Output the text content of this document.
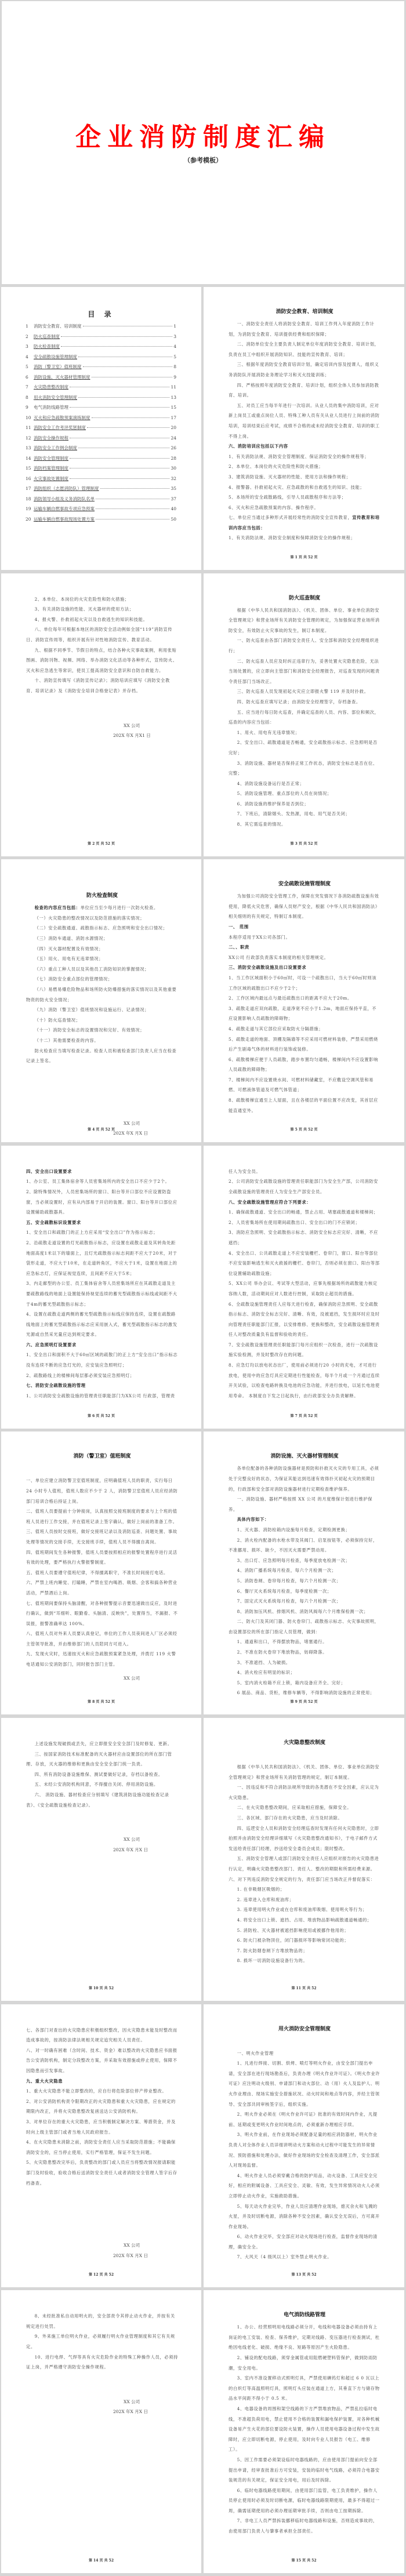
企业消防制度汇编
（参考模板）
目 录
1	消防安全教育、培训制度	1
2	防火巡查制度	3
3	防火检查制度	4
4	安全疏散设施管理制度	5
5	消防（警卫室）值班制度	8
6	消防设施、灭火器材管理制度	9
7	火灾隐患整改制度	11
8	用火消防安全管理制度	13
9	电气消防线路管理	15
10 灭火和应急疏散预案演练制度	17
11 消防安全工作考评奖惩制度	20
12 消防安全操作规程	24
13 消防安全工作例会制度	26
14 消防安全管理制度	28
15 消防档案管理制度	30
16 火灾事故处置制度	32
17 消防组织（志愿消防队）管理制度	35
18 消防领导小组及义务消防队名单	37
19 运输车辆自燃事故专项应急预案	40
20 运输车辆自燃事故现场处置方案	50
消防安全教育、培训制度

一、消防安全责任人将消防安全教育、培训工作列入年度消防工作计划，为消防安全教育、培训提供经费和组织保障；

二、消防单位安全主要负责人制定单位年度消防安全教育、培训计划，负责在员工中组织开展消防知识、技能的宣传教育、培训；

三、根据年度消防安全教育培训计划，确定培训内容及授课人，组织义务消防队开展消防业务理论学习和灭火技能训练；

四、严格按照年度消防安全教育、培训计划，组织全体人员参加消防教育、培训。

五、对员工应当每半年进行一次培训。从业人员的集中消防培训，应对新上岗员工或重点岗位人员、特殊工种人员有关从业人员进行上岗前的消防培训，培训结束后应考试，成绩不合格的或未经消防安全教育、培训的职工不得上岗。

六、消防培训应包括以下内容

1、有关消防法规、消防安全管理制度、保证消防安全的操作规程等；

2、本单位、本岗位的火灾危险性和防火措施；

3、建筑消防设施、灭火器材的性能、使用方法和操作规程；

4、报警器、扑救初起火灾、应急疏散的和自救逃生的知识、技能；

5、本场所的安全疏散路线，引导人员疏散程序和方法等；

6、灭火和应急疏散预案的内容、操作程序。

七、单位应当通过多种形式开展经常性的消防安全宣传教育，宣传教育和培训内容应当包括：

1、有关消防法规、消防安全制度和保障消防安全的操作规程；

第 1 页 共 52 页

2、本单位、本岗位的火灾危险性和防火措施；

3、有关消防设施的性能、灭火器材的使用方法；

4、报火警、扑救初起火灾以及自救逃生的知识和技能。

八、单位每年可根据本地区的消防安全活动例如全国“119”消防宣传日、消防宣传周等，组织开展有针对性地消防宣传、教育活动。

九、根据不同季节、节假日的特点，结合各种火灾事故案例，利用张贴图画、消防刊物、视频、网络、举办消防文化活动等各种形式，宣传防火、灭火和应急逃生等常识，使员工提高消防安全意识和自防自救能力。

十、消防宣传填写《消防宣传记录》；消防培训应填写《消防安全教育、培训记录》及《消防安全培训合格登记表》并存档。

XX 公司
202X 年X 月X1 日
第 2 页 共 52 页
防火巡查制度

根据《中华人民共和国消防法》、《机关、团体、单位、事业单位消防安全管理规定》和营业场所有关消防安全管理的规定，为加强保证营业场所消防安全，有效防止火灾事故的发生，制订本制度。

一、防火巡查由各部门消防安全责任人、安全部和消防安全经理组织进行；

二、防火巡查人员应及时纠正违章行为，妥善处置火灾隐患危险，无法当场处置的，应立即向主管部门和消防安全经理报告，对巡查发现的问题责令责任部门当场改正。

三、防火巡查人员发现初起火灾应立即报火警 119 并及时扑救。

四、防火巡查应填写记录；由消防安全经理签字，存档备查。

五、应当进行每日防火巡查，并确定巡查的人员、内容、部位和频次，巡查的内容应当包括：

1、用火、用电有无违章情况；

2、安全出口、疏散通道是否畅通，安全疏散指示标志、应急照明是否完好；

3、消防设施、器材是否保持正常工作状态，消防安全标志是否在位、完整；

4、消防设施设备运行是否正常；

5、消防设施管理、重点部位的人员在岗情况；

6、消防设施的维护保养是否到位；

7、下班后，清除烟头、发热源，用电、用气是否关闭；

8、其它需巡查的情况。

第 3 页 共 52 页
防火检查制度

检查的内容应当包括：单位应当至少每月进行一次防火检查。

（一）火灾隐患的整改情况以及防范措施的落实情况；

（二）安全疏散通道、疏散指示标志、应急照明和安全出口情况；

（三）消防车通道、消防水源情况；

（四）灭火器材配置及有效情况；

（五）用火、用电有无违章情况；

（六）重点工种人员以及其他员工消防知识的掌握情况；

（七）消防安全重点部位的管理情况；

（八）易燃易爆危险物品和场所防火防爆措施的落实情况以及其他重要物资的防火安全情况；

（九）消防（警卫室）值班情况和设施运行、记录情况；

（十）防火巡查情况；

（十一）消防安全标志的设置情况和完好、有效情况；

（十二）其他需要检查的内容。

防火检查应当填写检查记录。检查人员和被检查部门负责人应当在检查记录上签名。

XX 公司
202X 年X 月X 日
第 4 页 共 52 页
安全疏散设施管理制度

为加强公司消防安全管理工作，保障在突发情况下各消防疏散设施有效使用，降低火灾危害，确保人员财产安全，根据《中华人民共和国消防法》相关细则的有关规定，特制订本制度。

一、 范围

本程序适用于XX公司各部门。

二、、职责

XX公司 行政部负责落实本制度的相关管理规定。

三、消防安全疏散设施及出口设置要求

1、当工作区域面积小于60㎡时，可设一个疏散出口，当大于60㎡时则该工作区域的疏散出口不应少于2个；

2、工作区域内最远点与最近疏散出口的距离不应大于20m。

3、疏散走道应双向疏散，走道净宽不应小于1.2m，地面应保持平直，不应设置影响人员疏散的障碍物；

4、疏散走道与其它部位应采取防火分隔措施；

5、疏散走道的地面、顶棚及隔墙等不应采用可燃材料装修，严禁采用燃烧后产生剧毒气体的材料进行装饰或装修。

6、疏散楼梯应便于人员疏散，踏步布置均匀通畅，楼梯间内不应设置影响人员疏散的障碍物；

7、楼梯间内不应设置烧水间、可燃材料储藏室，不应敷设空调风管和易燃、可燃液体管道及可燃气体管道；

8、疏散楼梯宜通至上人屋面，且在各楼层的平面位置不应改变，其首层应能直通室外。

第 5 页 共 52 页

四、安全出口设置要求

1、办公室、员工集体宿舍等人员密集场所内的安全出口不应少于2个。

2、除特殊情况外，人员密集场所的窗口、阳台等开口部位不应设置防盗窗，当必须设置时，应有从内部易于开启的装置。窗口、阳台等开口部位应设置辅助疏散器具。

五、安全疏散标识设置要求

1、安全出口和疏散门的正上方应采用“安全出口”作为指示标志；

2、沿疏散走道设置的灯光疏散指示标志，应设置在疏散走道及其转角处距地面高度1米以下的墙面上，且灯光疏散指示标志间距不应大于20米，对于袋形走道，不应大于10米，在走道转角区，不应大于1米，设置在地面上的应急标志灯，应保证视觉连续，且间距不应大于5米；

3、内走廊型的办公室、员工集体宿舍等人员密集场所应在其疏散走道及主要疏散路线的地面上设置能保持视觉连续的蓄光型疏散指示标线或间距不大于4m的蓄光型疏散指示标志；

4、设置在疏散走道两侧的蓄光型疏散指示标线应保持连续，设置在疏散路线地面上的蓄光型疏散指示标志应采用嵌入式，蓄光型疏散指示标志的激发光源或自然采光量应达到规定要求。

六、应急照明灯设置要求

1、安全出口和面积不大于60㎡区域的疏散门的正上方“安全出口”指示标志没有连续不断的应急灯光的，应安装应急照明灯；

2、疏散路线上的楼梯间每层都必须安装应急照明灯；

七、消防安全疏散设施的管理

1、公司消防安全疏散设施的管理责任职能部门为XX公司 行政部，管理责

第 6 页 共 52 页

任人为安全员。

2、公司消防安全疏散设施的管理责任职能部门为安全生产部，公司消防安全疏散设施的管理责任人为安全生产部安全员。

八、安全疏散设施管理应符合下列要求：

1、确保疏散通道、安全出口的畅通，禁止占用、堵塞疏散通道和楼梯间；

2、人员密集场所在使用期间疏散出口、安全出口的门不应锁闭；

3、消防应急照明、安全疏散指示标志、消防安全标志应完好、清晰，不应遮挡；

4、安全出口、公共疏散走道上不应安装栅栏、卷帘门，窗口、阳台等部位不应安装影响逃生和灭火救援的栅栏、卷帘门，否则必须在窗口、阳台等部位设置辅助疏散设施；

5、XX公司 举办会议、考试等大型活动，应事先根据场所的疏散能力核定容纳人数，活动期间应对人数进行控制，采取防止超员的措施。

6、全疏散设施管理责任人应每天进行检查，确保消防应急照明、安全疏散指示标志、消防安全标志完好、清晰、有效，没被遮挡，发生损坏时应及时向管理责任职能部门汇报，以安排维修、更换和整改，安全疏散设施管理责任人对整改质量负有监督和验收的责任。

7、安全疏散设施管理责任职能部门每月应组织一次检查，进行一次疏散设施实验检测，并及时整改存在的问题。

8、应急灯均以放电状态出厂，使用前必须进行20 小时的充电，才可进行放电，使用中的应急灯具应定期进行性能检查，每半个月或一个月通过连续开关试验，以检查电路转换及电池的应急功能，并进行放电，以延长电池使用寿命。 本制度自下发之日起执行，由行政部安全办负责解释。

第 7 页 共 52 页
消防（警卫室）值班制度

一、单位应建立消防警卫室值班制度，应明确值班人员的职责，实行每日24 小时专人值班，值班人数应不少于 2 人，消防警卫室值班人员应经消防部门培训合格后持证上岗。

二、值班人员要提前十分钟接岗，认真按照交接班制度的要求与上个班的值班人员进行工作交接，并在值班记录上签字确认，做好上岗前的准备工作。

三、值班人员按时交接班，做好交接班记录以及消防巡查、问题处置、事故处理等情况的交接手续，无交接班手续，值班人员不得擅自离岗。

四、值班期间发生各种报警，值班人员要按照相应的报警处置程序进行灵活有效的处理，要严格执行火警报警制度。

五、值班人员要遵守值班纪律，不得擅离职守，不准长时间接打电话。

六、严禁上班内睡觉、打瞌睡，严禁在室内喝酒、吸烟、会客和搞各种营业活动，严禁酒后上岗。

七、值班期间要保持头脑清醒，对各种报警提示音要迅速做出反应，及时进行确认，做到“耳细听、眼勤看、头脑清、反映快”，处置得当，不漏报、不误报，报警准确率达 100%。

八、值班人员对外来人员要认真登记，单位的工作人员夜间进入厂区必须经主管领导批准，并由维修部门的人员陪同方可进入。

九、发现火灾时，迅速按灭火和应急疏散预案紧急处理，并拨打 119 火警电话通知公安消防部门，同时报告部门主管。

XX 公司
第 8 页 共 52 页
消防设施、灭火器材管理制度

各单位配备的各种消防设施器材是预防和扑救灭火灾的专用工具，必须处于完整良好的状态，为保证其能达到迅速有效得扑灭初起火灾的预期目的，行政部和安全部对消防设施器材进行定期检查维护保养。

一、消防设施、器材严格按照 XX 公司 的月度维保计划进行维护保养。

具体内容如下：

1、灭火器、消防栓箱内设施每月检查，定期检测更换；

2、消火栓内配备的水枪水带及其阀门、启泵按钮等，必须保持完好，不准挪用、损坏、缺少，不因灭火需要严禁动用。

3、出口灯、应急照明每月检查，每季度放电检测一次；

4、消防广播系统每月检查，每六个月检测一次；

5、消防卷闸、卷帘每月检查，每六个月检测一次；

6、餐厅灭火系统每月检查，每季度检测一次；

7、固定式灭火系统每月检查，每六个月检测一次；

8、消防加压风机、排烟风机、消防风阀每六个月维保检测一次；

二、防火门及其闭门器、防火卷帘门、疏散指示标志、火灾事故照明，由设置部位的所在部门指定人员管理，做到：

1、通道和出口，不得摆放物品，堵塞通行。

2、不准在防火卷帘下堆放物品，妨碍降落。

3、不准遮挡、人为破损。

4、消火栓应有明显的标识；

5、室内消火栓箱不应上锁，箱内设备应齐全、完好；

6 展品、商品、货柜，维修车辆等，不得影响消防设施的正常使用；

第 9 页 共 52 页

上述设施发现破损或丢失，应立即报安全安全部门及时修复、更新。

三、按国家消防技术标准配备的灭火器材应由设置部位的所在部门管理、存放，灭火器的维修和更换由安全安全部门统一负责。

四、所有消防设备设施维保、测试要做好记录，存档以备检查。

五、未经公安消防机构同意，不得擅自关闭、停用消防设施。

六、 消防设施、器材检查应分别填写《建筑消防设施功能检查记录表》、《安全疏散设施检查记录》。

XX 公司
202X 年X 月X 日
第 10 页 共 52
火灾隐患整改制度

根据《中华人民共和国消防法》、《机关、团体、单位、事业单位消防安全管理规定》和营业场所有关消防管理的规定，制订本制度。

一、因违反和不符合消防法规所导致的各类潜在不安全因素，应认定为火灾隐患。

二、在火灾隐患整改期间，应采取相应措施，保障安全。

三、各区域、部门存在的火灾隐患，应当及时消除。

四、巡逻安全人员和消防安全经理巡查时发现有任何火灾隐患时，立即拍照并由消防安全经理详细填写《火灾隐患整改通知书》，于电子邮件方式发送给责任部门经理，抄送给安全委员会成员；限时整改。

五、消防安全管理人或部门消防安全责任人应组织对报告的火灾隐患进行认定，明确火灾隐患整改部门、责任人、整改的期限和所需经费来源。六、对下列违反消防安全规定的行为，责任部门应当场改正并督促落实：

1. 在非吸烟区吸烟的；

2. 违章进入仓库和废油库；

3. 违章使用明火作业或在仓库和废油库吸烟、使用明火等行为；

4. 将安全出口上锁、遮挡、占用、堆放物品影响疏散通道畅通的；

5. 消防栓、灭火器材被遮挡影响使用或被挪作他用的；

6. 防火门被杂物顶住，闭门器损坏等影响常闭功能的；

7. 防火防烟卷闸下方堆放物品的；

8. 损坏一切消防设施设备行为的。

第 11 页 共 52

七、各部门对查出的火灾隐患应积极组织整改，因火灾隐患未能及时整改而造成事故的，按消防法律法规相关规定追究相关人员责任。

八、对一时确有困难（含时间、技术、资金）难以整改的火灾隐患应书面报告公安消防机构，制定分段整改方案，并采取有效措施或停止使用，保障不因隐患而引发事故。

九、重大火灾隐患

1、重大火灾隐患不能立即整改的，应自行将危险部位停产停业整改。

2、对公安消防机构责令限期改正的火灾隐患和重大火灾隐患，应在规定的期限内改正，并将火灾隐患整改复函送达公安消防机构。

3、对单位存在的重大火灾隐患，应当积极制定解决方案、筹措资金，并及时向上级主管部门或者当地人民政府报告。

4、在火灾隐患未消除之前，消防安全责任人应当采取防范措施；不能确保消防安全的，应当停止使用，实行严格管理，保证不发生问题。

5、火灾隐患整改完毕后，负责整改的部门或人员应当将整改情况报请职能部门及时验收，验收合格后送消防安全责任人或者消防安全管理人签字后存档备查。

XX 公司
202X 年X 月X 日
第 12 页 共 52
用火消防安全管理制度

一、明火作业管理

1、凡进行焊接、切割、烘烤、喷灯等明火作业，由安全部门提出申请，安全部在进行现场勘查后，负责办理《明火作业许可证》。《明火作业许可证》应注明动火级别、申请部门和动火部位、动（用）火人及监护人、明火作业理由、现场实施安全措施状况、动火时间和地点等内容，并经主管领导、安全部共同审核签字后，组织实施。

2、明火作业必须在《明火作业许可证》批准的有效时间内作业，凡提前、延期或变更明火作业时间地点的，必须重新办理相应手续。

3、明火作业前，在作业现场必须配备足量的相应消防器材，明火作业负责人对全体作业人员详细讲明动火方案和动火过程中可能发生的异常情况、预防措施和处理办法，做好作业现场的安全检查及清理工作，安全部派人对现场监督。

4、明火作业人员必须穿戴合格的防护用品，动火设备、工具应安全完好，相应的附属设备、工具应安全、灵敏、有效，发生异常情况动火人必须立即停止动火作业，实施救助措施。

5、每天动火作业完毕，作业人员应清理作业现场，熄灭余火和飞溅的火星，并及时切断电源，消除各种不安全因素，确认安全无误后，方可离开作业现场。

6、动火作业完毕，安全部应对动火现场进行检查，监督作业现场的清理，确安全全。

7、大风天（4 级风以上）室外禁止明火作业。

第 13 页 共 52

8、未经批准私自动用明火的，安全部责令其停止动火作业，并按有关规定进行处罚。

9、外来施工单位明火作业，必须履行明火作业管理制度和其它有关规定。

10、进行电焊、气焊等具有火灾危险作业的特殊工种操作人员，必须持证上岗，并严格遵守消防安全操作规程。

XX 公司
202X 年X 月X 日
第 14 页 共 52
电气消防线路管理

1、办公、经营照明用电线路必须分开，电线和电器设备必须由持有上岗证的电工安装、检查、保养维护，定期对线路、变压器进行检查测试，杜绝因电线老化、破损、绝缘不良、短路等原因产生火险隐患。

2、铺设的配电线路，须穿金属管或用阻燃硬塑料管保护，做到防雨防潮，安全用电。

3、室内不准设置移动式照明灯具，严禁使用碘钨灯和超过 6 0 瓦以上的白炽灯等高温照明灯具，照明灯头应装在通道上方，其垂直下方与储存物品水平间距不得小于 0.5 米。

4、电器设备的周围和架空线路的下方严禁堆放物品，严禁乱拉临时电线，不准超负荷用电，禁止使用不合格的装置和漏电保护装置，对各种机械设备易产生火花的部位要设防火装置，操作人员使用电器设备过程中发生故障时，应立即切断电源，停止使用，及时向专业人员报告（电工、维修工）。

5、因工作需要必须架设临时电器线路的，应由使用部门提前向安全部提出申请，经审查批准后方可安装，安装的临时电气线路，必须符合电器安装规范的有关规定，保证安全用电，用后及时拆除。

6、临时电器线路使用期间，由使用部门监管，电工负责维护，操作人员停止使用时必须及时切断电源，临时电器线路限期使用，最多不得超过一周，确需延期使用的必须办理延期审批手续，否则由电工按期拆除。

7、非电工人员严禁拆装挪移临时电器线路和设施，否则造成事故的，由使用部门负责人与肇事者承担全部责任。

第 15 页 共 52
